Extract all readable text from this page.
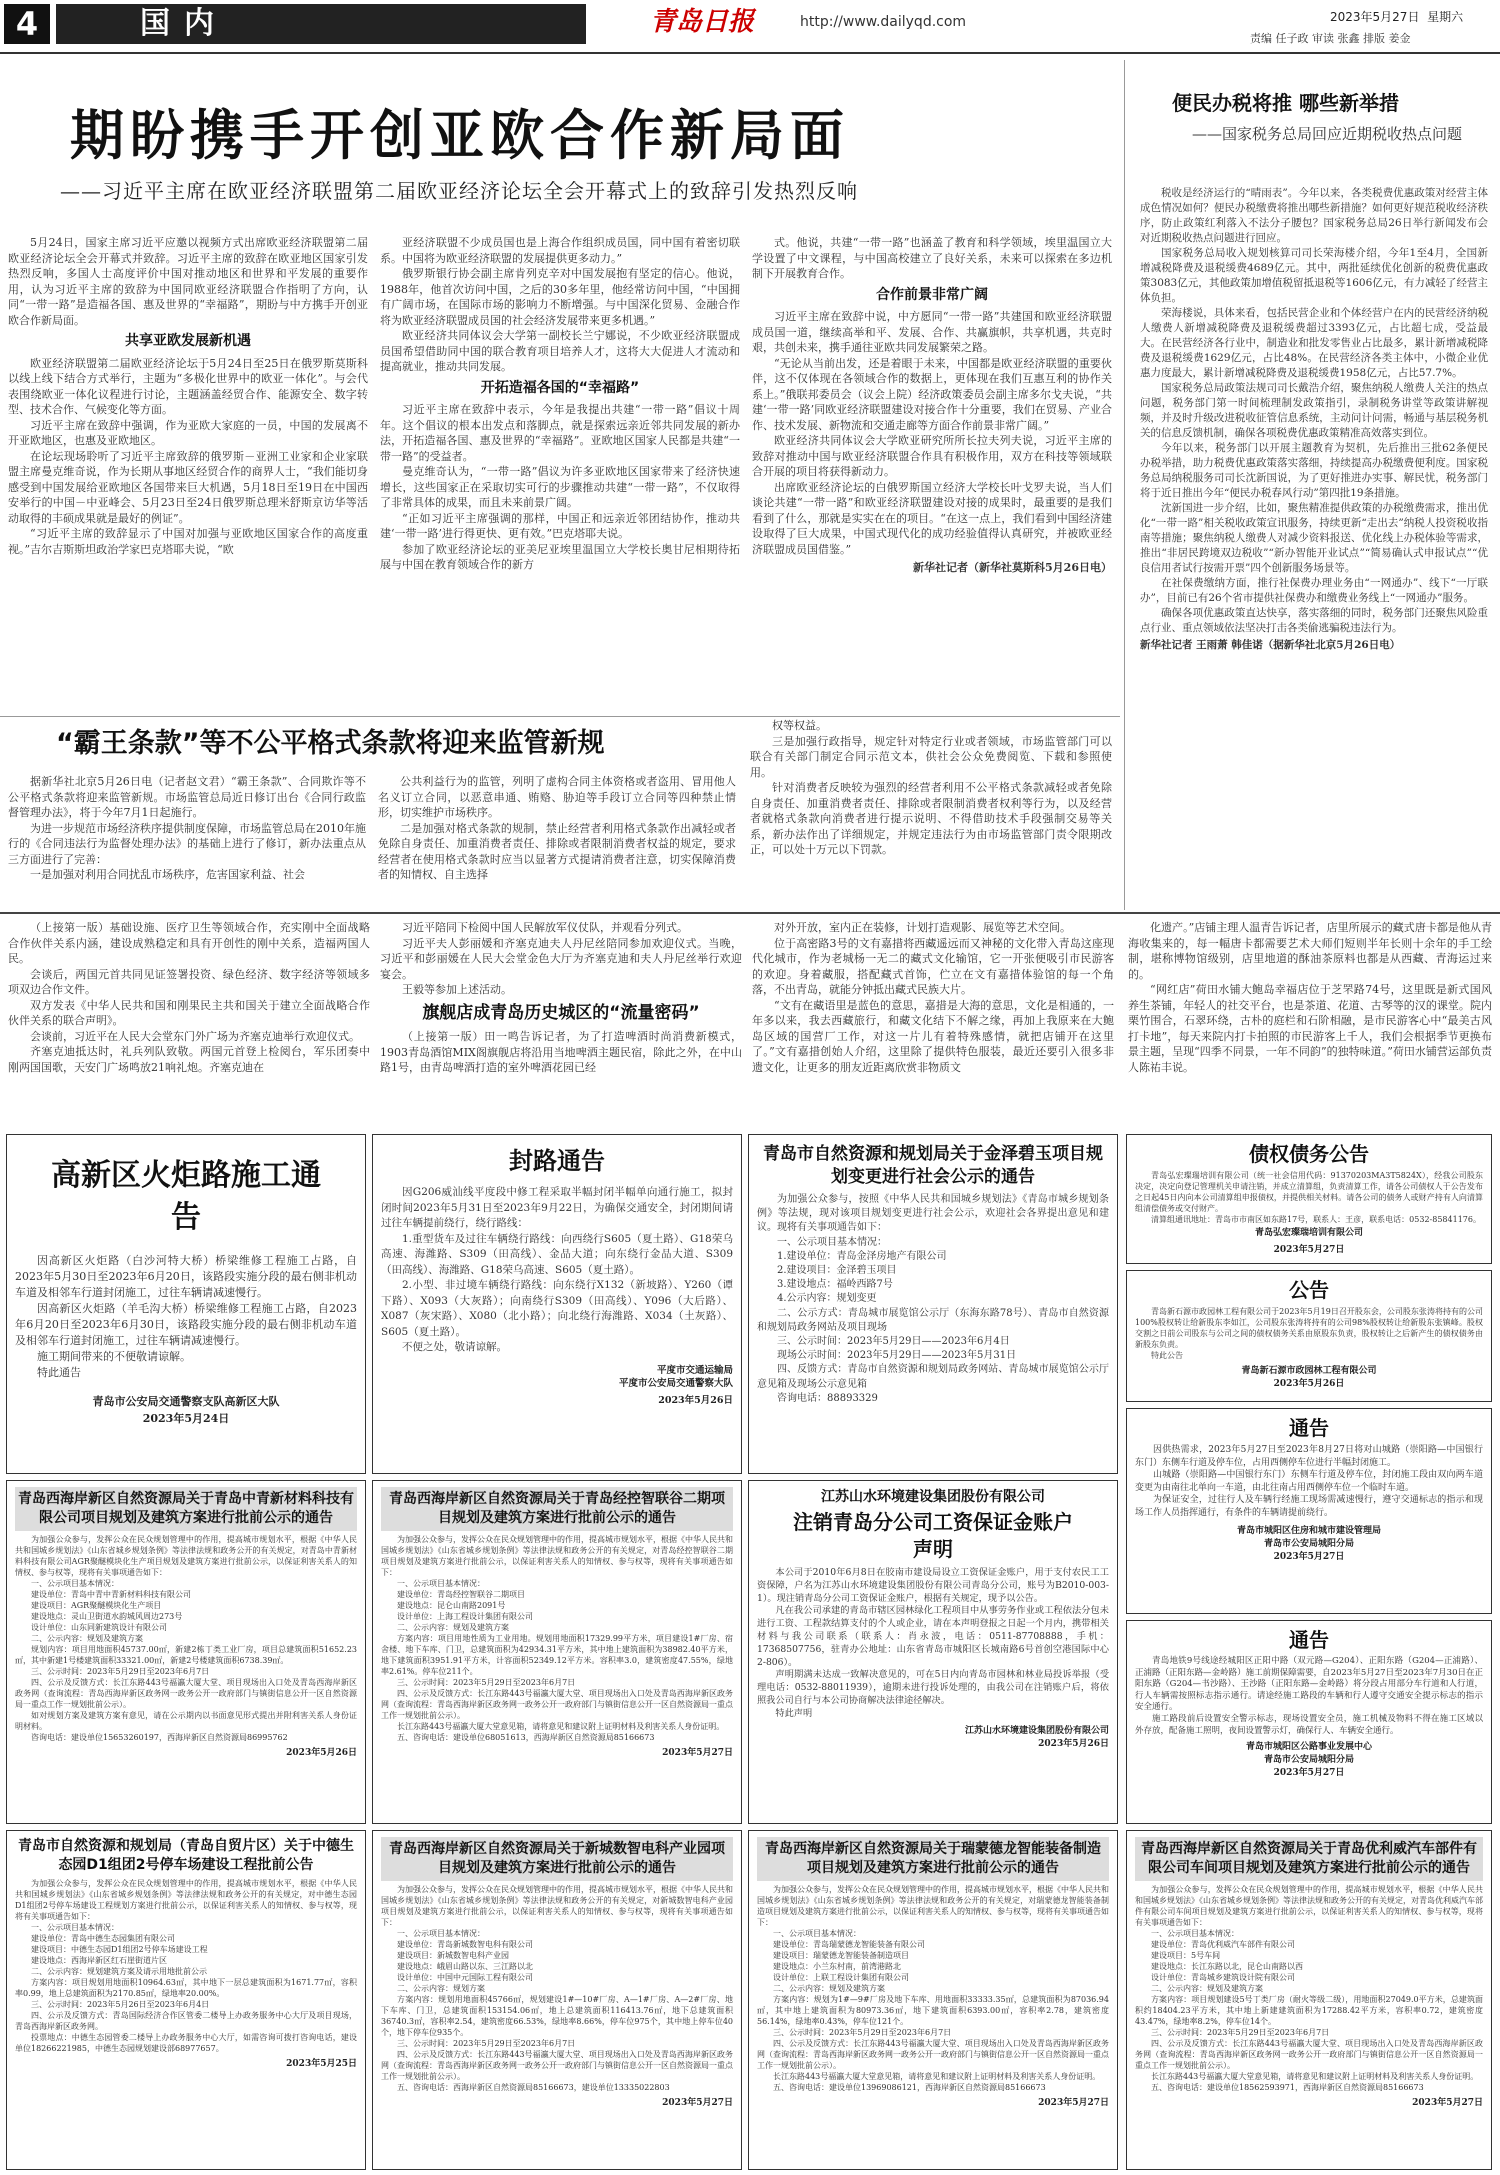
4	国内	青岛日报	http://www.dailyqd.com	2023年5月27日 星期六
责编 任子政 审读 张鑫 排版 姜金
期盼携手开创亚欧合作新局面
——习近平主席在欧亚经济联盟第二届欧亚经济论坛全会开幕式上的致辞引发热烈反响

5月24日，国家主席习近平应邀以视频方式出席欧亚经济联盟第二届欧亚经济论坛全会开幕式并致辞。习近平主席的致辞在欧亚地区国家引发热烈反响，多国人士高度评价中国对推动地区和世界和平发展的重要作用，认为习近平主席的致辞为中国同欧亚经济联盟合作指明了方向，认同“一带一路”是造福各国、惠及世界的“幸福路”，期盼与中方携手开创亚欧合作新局面。

共享亚欧发展新机遇

欧亚经济联盟第二届欧亚经济论坛于5月24日至25日在俄罗斯莫斯科以线上线下结合方式举行，主题为“多极化世界中的欧亚一体化”。与会代表围绕欧亚一体化议程进行讨论，主题涵盖经贸合作、能源安全、数字转型、技术合作、气候变化等方面。

习近平主席在致辞中强调，作为亚欧大家庭的一员，中国的发展离不开亚欧地区，也惠及亚欧地区。

在论坛现场聆听了习近平主席致辞的俄罗斯－亚洲工业家和企业家联盟主席曼克维奇说，作为长期从事地区经贸合作的商界人士，“我们能切身感受到中国发展给亚欧地区各国带来巨大机遇，5月18日至19日在中国西安举行的中国－中亚峰会、5月23日至24日俄罗斯总理米舒斯京访华等活动取得的丰硕成果就是最好的例证”。

“习近平主席的致辞显示了中国对加强与亚欧地区国家合作的高度重视。”吉尔吉斯斯坦政治学家巴克塔耶夫说，“欧

亚经济联盟不少成员国也是上海合作组织成员国，同中国有着密切联系。中国将为欧亚经济联盟的发展提供更多动力。”

俄罗斯银行协会副主席肯列克辛对中国发展抱有坚定的信心。他说，1988年，他首次访问中国，之后的30多年里，他经常访问中国，“中国拥有广阔市场，在国际市场的影响力不断增强。与中国深化贸易、金融合作将为欧亚经济联盟成员国的社会经济发展带来更多机遇。”

欧亚经济共同体议会大学第一副校长兰宁娜说，不少欧亚经济联盟成员国希望借助同中国的联合教育项目培养人才，这将大大促进人才流动和提高就业，推动共同发展。

开拓造福各国的“幸福路”

习近平主席在致辞中表示，今年是我提出共建“一带一路”倡议十周年。这个倡议的根本出发点和落脚点，就是探索远亲近邻共同发展的新办法，开拓造福各国、惠及世界的“幸福路”。亚欧地区国家人民都是共建“一带一路”的受益者。

曼克维奇认为，“一带一路”倡议为许多亚欧地区国家带来了经济快速增长，这些国家正在采取切实可行的步骤推动共建“一带一路”，不仅取得了非常具体的成果，而且未来前景广阔。

“正如习近平主席强调的那样，中国正和远亲近邻团结协作，推动共建‘一带一路’进行得更快、更有效。”巴克塔耶夫说。

参加了欧亚经济论坛的亚美尼亚埃里温国立大学校长奥甘尼相期待拓展与中国在教育领域合作的新方

式。他说，共建“一带一路”也涵盖了教育和科学领域，埃里温国立大学设置了中文课程，与中国高校建立了良好关系，未来可以探索在多边机制下开展教育合作。

合作前景非常广阔

习近平主席在致辞中说，中方愿同“一带一路”共建国和欧亚经济联盟成员国一道，继续高举和平、发展、合作、共赢旗帜，共享机遇，共克时艰，共创未来，携手通往亚欧共同发展繁荣之路。

“无论从当前出发，还是着眼于未来，中国都是欧亚经济联盟的重要伙伴，这不仅体现在各领域合作的数据上，更体现在我们互惠互利的协作关系上。”俄联邦委员会（议会上院）经济政策委员会副主席多尔戈夫说，“共建‘一带一路’同欧亚经济联盟建设对接合作十分重要，我们在贸易、产业合作、技术发展、新物流和交通走廊等方面合作前景非常广阔。”

欧亚经济共同体议会大学欧亚研究所所长拉夫列夫说，习近平主席的致辞对推动中国与欧亚经济联盟合作具有积极作用，双方在科技等领域联合开展的项目将获得新动力。

出席欧亚经济论坛的白俄罗斯国立经济大学校长叶戈罗夫说，当人们谈论共建“一带一路”和欧亚经济联盟建设对接的成果时，最重要的是我们看到了什么，那就是实实在在的项目。“在这一点上，我们看到中国经济建设取得了巨大成果，中国式现代化的成功经验值得认真研究，并被欧亚经济联盟成员国借鉴。”

新华社记者（新华社莫斯科5月26日电）
便民办税将推 哪些新举措
——国家税务总局回应近期税收热点问题

税收是经济运行的“晴雨表”。今年以来，各类税费优惠政策对经营主体成色情况如何？便民办税缴费将推出哪些新措施？如何更好规范税收经济秩序，防止政策红利落入不法分子腰包？国家税务总局26日举行新闻发布会对近期税收热点问题进行回应。

国家税务总局收入规划核算司司长荣海楼介绍，今年1至4月，全国新增减税降费及退税缓费4689亿元。其中，两批延续优化创新的税费优惠政策3083亿元，其他政策加增值税留抵退税等1606亿元，有力减轻了经营主体负担。

荣海楼说，具体来看，包括民营企业和个体经营户在内的民营经济纳税人缴费人新增减税降费及退税缓费超过3393亿元，占比超七成，受益最大。在民营经济各行业中，制造业和批发零售业占比最多，累计新增减税降费及退税缓费1629亿元，占比48%。在民营经济各类主体中，小微企业优惠力度最大，累计新增减税降费及退税缓费1958亿元，占比57.7%。

国家税务总局政策法规司司长戴浩介绍，聚焦纳税人缴费人关注的热点问题，税务部门第一时间梳理制发政策指引，录制税务讲堂等政策讲解视频，并及时升级改进税收征管信息系统，主动问计问需，畅通与基层税务机关的信息反馈机制，确保各项税费优惠政策精准高效落实到位。

今年以来，税务部门以开展主题教育为契机，先后推出三批62条便民办税举措，助力税费优惠政策落实落细，持续提高办税缴费便利度。国家税务总局纳税服务司司长沈新国说，为了更好推进办实事、解民忧，税务部门将于近日推出今年“便民办税春风行动”第四批19条措施。

沈新国进一步介绍，比如，聚焦精准提供政策的办税缴费需求，推出优化“一带一路”相关税收政策宣讯服务，持续更新“走出去”纳税人投资税收指南等措施；聚焦纳税人缴费人对减少资料报送、优化线上办税体验等需求，推出“非居民跨境双边税收”“新办智能开业试点”“简易确认式申报试点”“优良信用者试行按需开票”四个创新服务场景等。

在社保费缴纳方面，推行社保费办理业务由“一网通办”、线下“一厅联办”，目前已有26个省市提供社保费办和缴费业务线上“一网通办”服务。

确保各项优惠政策直达快享，落实落细的同时，税务部门还聚焦风险重点行业、重点领域依法坚决打击各类偷逃骗税违法行为。

新华社记者 王雨萧 韩佳诺（据新华社北京5月26日电）
“霸王条款”等不公平格式条款将迎来监管新规

据新华社北京5月26日电（记者赵文君）“霸王条款”、合同欺诈等不公平格式条款将迎来监管新规。市场监管总局近日修订出台《合同行政监督管理办法》，将于今年7月1日起施行。

为进一步规范市场经济秩序提供制度保障，市场监管总局在2010年施行的《合同违法行为监督处理办法》的基础上进行了修订，新办法重点从三方面进行了完善：

一是加强对利用合同扰乱市场秩序，危害国家利益、社会

公共利益行为的监管，列明了虚构合同主体资格或者盗用、冒用他人名义订立合同，以恶意串通、贿赂、胁迫等手段订立合同等四种禁止情形，切实维护市场秩序。

二是加强对格式条款的规制，禁止经营者利用格式条款作出减轻或者免除自身责任、加重消费者责任、排除或者限制消费者权益的规定，要求经营者在使用格式条款时应当以显著方式提请消费者注意，切实保障消费者的知情权、自主选择

权等权益。

三是加强行政指导，规定针对特定行业或者领域，市场监管部门可以联合有关部门制定合同示范文本，供社会公众免费阅览、下载和参照使用。

针对消费者反映较为强烈的经营者利用不公平格式条款减轻或者免除自身责任、加重消费者责任、排除或者限制消费者权利等行为，以及经营者就格式条款向消费者进行提示说明、不得借助技术手段强制交易等关系，新办法作出了详细规定，并规定违法行为由市场监管部门责令限期改正，可以处十万元以下罚款。

（上接第一版）基础设施、医疗卫生等领域合作，充实刚中全面战略合作伙伴关系内涵，建设成熟稳定和具有开创性的刚中关系，造福两国人民。

会谈后，两国元首共同见证签署投资、绿色经济、数字经济等领域多项双边合作文件。

双方发表《中华人民共和国和刚果民主共和国关于建立全面战略合作伙伴关系的联合声明》。

会谈前，习近平在人民大会堂东门外广场为齐塞克迪举行欢迎仪式。

齐塞克迪抵达时，礼兵列队致敬。两国元首登上检阅台，军乐团奏中刚两国国歌，天安门广场鸣放21响礼炮。齐塞克迪在

习近平陪同下检阅中国人民解放军仪仗队，并观看分列式。

习近平夫人彭丽媛和齐塞克迪夫人丹尼丝陪同参加欢迎仪式。当晚，习近平和彭丽媛在人民大会堂金色大厅为齐塞克迪和夫人丹尼丝举行欢迎宴会。

王毅等参加上述活动。

旗舰店成青岛历史城区的“流量密码”

（上接第一版）田一鸣告诉记者，为了打造啤酒时尚消费新模式，1903青岛酒馆MIX阁旗舰店将沿用当地啤酒主题民宿，除此之外，在中山路1号，由青岛啤酒打造的室外啤酒花园已经

对外开放，室内正在装修，计划打造观影、展览等艺术空间。

位于高密路3号的文有嘉措将西藏遥远而又神秘的文化带入青岛这座现代化城市，作为老城杨一无二的藏式文化输馆，它一开张便吸引市民游客的欢迎。身着藏服，搭配藏式首饰，伫立在文有嘉措体验馆的每一个角落，不出青岛，就能分钟抵出藏式民族大片。

“文有在藏语里是蓝色的意思，嘉措是大海的意思，文化是相通的，一年多以来，我去西藏旅行，和藏文化结下不解之缘，再加上我原来在大鲍岛区域的国营厂工作，对这一片儿有着特殊感情，就把店铺开在这里了。”文有嘉措创始人介绍，这里除了提供特色服装，最近还要引入很多非遗文化，让更多的朋友近距离欣赏非物质文

化遗产。”店铺主理人温青告诉记者，店里所展示的藏式唐卡都是他从青海收集来的，每一幅唐卡都需要艺术大师们短则半年长则十余年的手工绘制，堪称博物馆级别，店里地道的酥油茶原料也都是从西藏、青海运过来的。

“网红店”荷田水铺大鲍岛幸福店位于芝罘路74号，这里既是新式国风养生茶铺，年轻人的社交平台，也是茶道、花道、古琴等的汉的课堂。院内栗竹围合，石翠环绕，古朴的庭栏和石阶相融，是市民游客心中“最美古风打卡地”，每天来院内打卡拍照的市民游客上千人，我们会根据季节更换布景主题，呈现“四季不同景，一年不同韵”的独特味道。”荷田水铺营运部负责人陈祐丰说。

高新区火炬路施工通告

因高新区火炬路（白沙河特大桥）桥梁维修工程施工占路，自2023年5月30日至2023年6月20日，该路段实施分段的最右侧非机动车道及相邻车行道封闭施工，过往车辆请减速慢行。

因高新区火炬路（羊毛沟大桥）桥梁维修工程施工占路，自2023年6月20日至2023年6月30日，该路段实施分段的最右侧非机动车道及相邻车行道封闭施工，过往车辆请减速慢行。

施工期间带来的不便敬请谅解。

特此通告

青岛市公安局交通警察支队高新区大队
2023年5月24日
封路通告

因G206威汕线平度段中修工程采取半幅封闭半幅单向通行施工，拟封闭时间2023年5月31日至2023年9月22日，为确保交通安全，封闭期间请过往车辆提前绕行，绕行路线：

1.重型货车及过往车辆绕行路线：向西绕行S605（夏土路）、G18荣乌高速、海潍路、S309（田高线）、金品大道；向东绕行金品大道、S309（田高线）、海潍路、G18荣乌高速、S605（夏土路）。

2.小型、非过境车辆绕行路线：向东绕行X132（新坡路）、Y260（谭下路）、X093（大灰路）；向南绕行S309（田高线）、Y096（大后路）、X087（灰宋路）、X080（北小路）；向北绕行海潍路、X034（土灰路）、S605（夏土路）。

不便之处，敬请谅解。

平度市交通运输局
平度市公安局交通警察大队
2023年5月26日
青岛市自然资源和规划局关于金泽碧玉项目规划变更进行社会公示的通告

为加强公众参与，按照《中华人民共和国城乡规划法》《青岛市城乡规划条例》等法规，现对该项目规划变更进行社会公示，欢迎社会各界提出意见和建议。现将有关事项通告如下：

一、公示项目基本情况：

1.建设单位：青岛金泽房地产有限公司

2.建设项目：金泽碧玉项目

3.建设地点：福岭西路7号

4.公示内容：规划变更

二、公示方式：青岛城市展览馆公示厅（东海东路78号）、青岛市自然资源和规划局政务网站及项目现场

三、公示时间：2023年5月29日——2023年6月4日

现场公示时间：2023年5月29日——2023年5月31日

四、反馈方式：青岛市自然资源和规划局政务网站、青岛城市展览馆公示厅意见箱及现场公示意见箱

咨询电话：88893329

债权债务公告

青岛弘宏璨瑞培训有限公司（统一社会信用代码：91370203MA3T5824X），经我公司股东决定，决定向登记管理机关申请注销，并成立清算组，负责清算工作，请各公司债权人于公告发布之日起45日内向本公司清算组申报债权，并提供相关材料。请各公司的债务人或财产持有人向清算组清偿债务或交付财产。

清算组通讯地址：青岛市市南区如东路17号，联系人：王彦，联系电话：0532-85841176。

青岛弘宏璨瑞培训有限公司
2023年5月27日
公告

青岛新石源市政园林工程有限公司于2023年5月19日召开股东会，公司股东张涛将持有的公司100%股权转让给新股东李如江，公司股东张涛将持有的公司98%股权转让给新股东张镇峰。股权交割之日前公司股东与公司之间的债权债务关系由原股东负责，股权转让之后新产生的债权债务由新股东负责。

特此公告

青岛新石源市政园林工程有限公司
2023年5月26日
通告

因供热需求，2023年5月27日至2023年8月27日将对山城路（崇阳路—中国银行东门）东侧车行道及停车位，占用西侧停车位进行半幅封闭施工。

山城路（崇阳路—中国银行东门）东侧车行道及停车位，封闭施工段由双向两车道变更为由南往北单向一车道，由北往南占用西侧停车位一个临时车道。

为保证安全，过往行人及车辆行经施工现场需减速慢行，遵守交通标志的指示和现场工作人员指挥通行，有条件的车辆请提前绕行。

青岛市城阳区住房和城市建设管理局
青岛市公安局城阳分局
2023年5月27日
青岛西海岸新区自然资源局关于青岛中青新材料科技有限公司项目规划及建筑方案进行批前公示的通告

为加强公众参与，发挥公众在民众规划管理中的作用，提高城市规划水平，根据《中华人民共和国城乡规划法》《山东省城乡规划条例》等法律法规和政务公开的有关规定，对青岛中青新材料科技有限公司AGR聚醚模块化生产项目规划及建筑方案进行批前公示，以保证利害关系人的知情权、参与权等，现将有关事项通告如下：

一、公示项目基本情况：

建设单位：青岛中青中青新材料科技有限公司

建设项目：AGR聚醚模块化生产项目

建设地点：灵山卫街道水韵城风周边273号

设计单位：山东同新建筑设计有限公司

二、公示内容：规划及建筑方案

规划内容：项目用地面积45737.00㎡，新建2栋丁类工业厂房，项目总建筑面积51652.23㎡，其中新建1号楼建筑面积33321.00㎡，新建2号楼建筑面积6738.39㎡。

三、公示时间：2023年5月29日至2023年6月7日

四、公示及反馈方式：长江东路443号福瀛大厦大堂、项目现场出入口处及青岛西海岸新区政务网（查询流程：青岛西海岸新区政务网一政务公开一政府部门与镇街信息公开一区自然资源局一重点工作一规划批前公示）。

如对规划方案及建筑方案有意见，请在公示期内以书面意见形式提出并附利害关系人身份证明材料。

咨询电话：建设单位15653260197，西海岸新区自然资源局86995762

2023年5月26日
青岛西海岸新区自然资源局关于青岛经控智联谷二期项目规划及建筑方案进行批前公示的通告

为加强公众参与，发挥公众在民众规划管理中的作用，提高城市规划水平，根据《中华人民共和国城乡规划法》《山东省城乡规划条例》等法律法规和政务公开的有关规定，对青岛经控智联谷二期项目规划及建筑方案进行批前公示，以保证利害关系人的知情权、参与权等，现将有关事项通告如下：

一、公示项目基本情况：

建设单位：青岛经控智联谷二期项目

建设地点：昆仑山南路2091号

设计单位：上海工程设计集团有限公司

二、公示内容：规划及建筑方案

方案内容：项目用地性质为工业用地。规划用地面积17329.99平方米，项目建设1#厂房、宿舍楼、地下车库、门卫，总建筑面积为42934.31平方米，其中地上建筑面积为38982.40平方米，地下建筑面积3951.91平方米，计容面积52349.12平方米。容积率3.0，建筑密度47.55%，绿地率2.61%。停车位211个。

三、公示时间：2023年5月29日至2023年6月7日

四、公示及反馈方式：长江东路443号福瀛大厦大堂、项目现场出入口处及青岛西海岸新区政务网（查询流程：青岛西海岸新区政务网一政务公开一政府部门与镇街信息公开一区自然资源局一重点工作一规划批前公示）。

长江东路443号福瀛大厦大堂意见箱，请将意见和建议附上证明材料及利害关系人身份证明。

五、咨询电话：建设单位68051613，西海岸新区自然资源局85166673

2023年5月27日
江苏山水环境建设集团股份有限公司
注销青岛分公司工资保证金账户声明

本公司于2010年6月8日在胶南市建设局设立工资保证金账户，用于支付农民工工资保障，户名为江苏山水环境建设集团股份有限公司青岛分公司，账号为B2010-003-1）。现注销青岛分公司工资保证金账户，根据有关规定，现予以公告。

凡在我公司承建的青岛市辖区园林绿化工程项目中从事劳务作业或工程依法分包未进行工资、工程款结算支付的个人或企业，请在本声明登报之日起一个月内，携带相关材料与我公司联系（联系人：肖永波，电话：0511-87708888，手机：17368507756，驻青办公地址：山东省青岛市城阳区长城南路6号首创空港国际中心2-806）。

声明期满未达成一致解决意见的，可在5日内向青岛市园林和林业局投诉举报（受理电话：0532-88011939），逾期未进行投诉处理的，由我公司在注销账户后，将依照我公司自行与本公司协商解决法律途径解决。

特此声明

江苏山水环境建设集团股份有限公司
2023年5月26日
通告

青岛地铁9号线途经城阳区正阳中路（双元路—G204）、正阳东路（G204—正浦路）、正浦路（正阳东路—金岭路）施工前期保障需要，自2023年5月27日至2023年7月30日在正阳东路（G204—书沙路）、王沙路（正阳东路—金岭路）将分段占用部分车行道和人行道，行人车辆需按照标志指示通行。请途经施工路段的车辆和行人遵守交通安全提示标志的指示安全通行。

施工路段前后设置安全警示标志，现场设置安全员，施工机械及物料不得在施工区域以外存放，配备施工照明，夜间设置警示灯，确保行人、车辆安全通行。

青岛市城阳区公路事业发展中心
青岛市公安局城阳分局
2023年5月27日
青岛市自然资源和规划局（青岛自贸片区）关于中德生态园D1组团2号停车场建设工程批前公告

为加强公众参与，发挥公众在民众规划管理中的作用，提高城市规划水平，根据《中华人民共和国城乡规划法》《山东省城乡规划条例》等法律法规和政务公开的有关规定，对中德生态园D1组团2号停车场建设工程规划方案进行批前公示，以保证利害关系人的知情权、参与权等，现将有关事项通告如下：

一、公示项目基本情况：

建设单位：青岛中德生态园集团有限公司

建设项目：中德生态园D1组团2号停车场建设工程

建设地点：西海岸新区红石崖街道片区

二、公示内容：规划建筑方案及请示用地批前公示

方案内容：项目规划用地面积10964.63㎡，其中地下一层总建筑面积为1671.77㎡，容积率0.99，地上总建筑面积为2170.85㎡，绿地率20.00%。

三、公示时间：2023年5月26日至2023年6月4日

四、公示及反馈方式：青岛国际经济合作区管委二楼导上办政务服务中心大厅及项目现场，青岛西海岸新区政务网。

投票地点：中德生态园管委二楼导上办政务服务中心大厅，如需咨询可拨打咨询电话，建设单位18266221985，中德生态园规划建设部68977657。

2023年5月25日
青岛西海岸新区自然资源局关于新城数智电科产业园项目规划及建筑方案进行批前公示的通告

为加强公众参与，发挥公众在民众规划管理中的作用，提高城市规划水平，根据《中华人民共和国城乡规划法》《山东省城乡规划条例》等法律法规和政务公开的有关规定，对新城数智电科产业园项目规划及建筑方案进行批前公示，以保证利害关系人的知情权、参与权等，现将有关事项通告如下：

一、公示项目基本情况：

建设单位：青岛新城数智电科有限公司

建设项目：新城数智电科产业园

建设地点：峨眉山路以东、三江路以北

设计单位：中国中元国际工程有限公司

二、公示内容：规划方案

方案内容：规划用地面积45766㎡，规划建设1#—10#厂房、A—1#厂房、A—2#厂房、地下车库、门卫，总建筑面积153154.06㎡，地上总建筑面积116413.76㎡，地下总建筑面积36740.3㎡，容积率2.54，建筑密度66.53%，绿地率8.66%，停车位975个，其中地上停车位40个，地下停车位935个。

三、公示时间：2023年5月29日至2023年6月7日

四、公示及反馈方式：长江东路443号福瀛大厦大堂、项目现场出入口处及青岛西海岸新区政务网（查询流程：青岛西海岸新区政务网一政务公开一政府部门与镇街信息公开一区自然资源局一重点工作一规划批前公示）。

五、咨询电话：西海岸新区自然资源局85166673，建设单位13335022803

2023年5月27日
青岛西海岸新区自然资源局关于瑞蒙德龙智能装备制造项目规划及建筑方案进行批前公示的通告

为加强公众参与，发挥公众在民众规划管理中的作用，提高城市规划水平，根据《中华人民共和国城乡规划法》《山东省城乡规划条例》等法律法规和政务公开的有关规定，对瑞蒙德龙智能装备制造项目规划及建筑方案进行批前公示，以保证利害关系人的知情权、参与权等，现将有关事项通告如下：

一、公示项目基本情况：

建设单位：青岛瑞蒙德龙智能装备有限公司

建设项目：瑞蒙德龙智能装备制造项目

建设地点：小兰东村南，前湾港路北

设计单位：上联工程设计集团有限公司

二、公示内容：规划及建筑方案

方案内容：规划为1#—9#厂房及地下车库、用地面积33333.35㎡，总建筑面积为87036.94㎡，其中地上建筑面积为80973.36㎡，地下建筑面积6393.00㎡，容积率2.78，建筑密度56.14%，绿地率0.43%，停车位121个。

三、公示时间：2023年5月29日至2023年6月7日

四、公示及反馈方式：长江东路443号福瀛大厦大堂、项目现场出入口处及青岛西海岸新区政务网（查询流程：青岛西海岸新区政务网一政务公开一政府部门与镇街信息公开一区自然资源局一重点工作一规划批前公示）。

长江东路443号福瀛大厦大堂意见箱，请将意见和建议附上证明材料及利害关系人身份证明。

五、咨询电话：建设单位13969086121，西海岸新区自然资源局85166673

2023年5月27日
青岛西海岸新区自然资源局关于青岛优利威汽车部件有限公司车间项目规划及建筑方案进行批前公示的通告

为加强公众参与，发挥公众在民众规划管理中的作用，提高城市规划水平，根据《中华人民共和国城乡规划法》《山东省城乡规划条例》等法律法规和政务公开的有关规定，对青岛优利威汽车部件有限公司车间项目规划及建筑方案进行批前公示，以保证利害关系人的知情权、参与权等，现将有关事项通告如下：

一、公示项目基本情况：

建设单位：青岛优利威汽车部件有限公司

建设项目：5号车间

建设地点：长江东路以北，昆仑山南路以西

设计单位：青岛城乡建筑设计院有限公司

二、公示内容：规划及建筑方案

方案内容：项目规划建设5号丁类厂房（耐火等级二级），用地面积27049.0平方米，总建筑面积约18404.23平方米，其中地上新建建筑面积为17288.42平方米，容积率0.72，建筑密度43.47%，绿地率8.2%，停车位14个。

三、公示时间：2023年5月29日至2023年6月7日

四、公示及反馈方式：长江东路443号福瀛大厦大堂、项目现场出入口处及青岛西海岸新区政务网（查询流程：青岛西海岸新区政务网一政务公开一政府部门与镇街信息公开一区自然资源局一重点工作一规划批前公示）。

长江东路443号福瀛大厦大堂意见箱，请将意见和建议附上证明材料及利害关系人身份证明。

五、咨询电话：建设单位18562593971，西海岸新区自然资源局85166673

2023年5月27日
